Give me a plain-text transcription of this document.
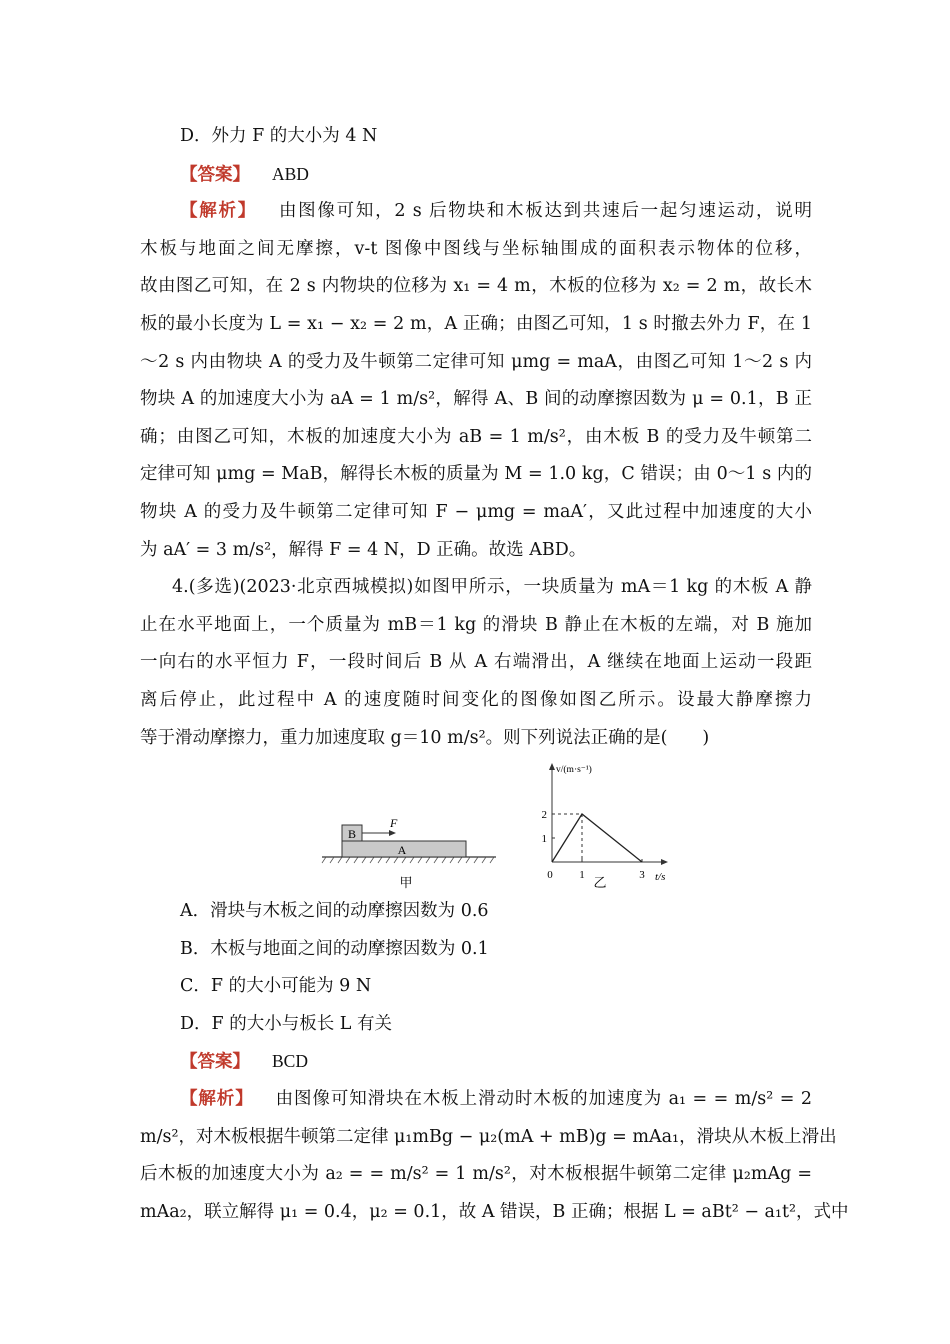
D．外力 F 的大小为 4 N
【答案】 ABD
【解析】 由图像可知，2 s 后物块和木板达到共速后一起匀速运动，说明
木板与地面之间无摩擦，v-t 图像中图线与坐标轴围成的面积表示物体的位移，
故由图乙可知，在 2 s 内物块的位移为 x₁ = 4 m，木板的位移为 x₂ = 2 m，故长木
板的最小长度为 L = x₁ − x₂ = 2 m，A 正确；由图乙可知，1 s 时撤去外力 F，在 1
～2 s 内由物块 A 的受力及牛顿第二定律可知 μmg = maA，由图乙可知 1～2 s 内
物块 A 的加速度大小为 aA = 1 m/s²，解得 A、B 间的动摩擦因数为 μ = 0.1，B 正
确；由图乙可知，木板的加速度大小为 aB = 1 m/s²，由木板 B 的受力及牛顿第二
定律可知 μmg = MaB，解得长木板的质量为 M = 1.0 kg，C 错误；由 0～1 s 内的
物块 A 的受力及牛顿第二定律可知 F − μmg = maA′，又此过程中加速度的大小
为 aA′ = 3 m/s²，解得 F = 4 N，D 正确。故选 ABD。
4.(多选)(2023·北京西城模拟)如图甲所示，一块质量为 mA＝1 kg 的木板 A 静
止在水平地面上，一个质量为 mB＝1 kg 的滑块 B 静止在木板的左端，对 B 施加
一向右的水平恒力 F，一段时间后 B 从 A 右端滑出，A 继续在地面上运动一段距
离后停止，此过程中 A 的速度随时间变化的图像如图乙所示。设最大静摩擦力
等于滑动摩擦力，重力加速度取 g＝10 m/s²。则下列说法正确的是(　　)
A
B
F
甲
v/(m·s⁻¹)
t/s
2
1
0 1	3
乙
A．滑块与木板之间的动摩擦因数为 0.6
B．木板与地面之间的动摩擦因数为 0.1
C．F 的大小可能为 9 N
D．F 的大小与板长 L 有关
【答案】 BCD
【解析】 由图像可知滑块在木板上滑动时木板的加速度为 a₁ = = m/s² = 2
m/s²，对木板根据牛顿第二定律 μ₁mBg − μ₂(mA + mB)g = mAa₁，滑块从木板上滑出
后木板的加速度大小为 a₂ = = m/s² = 1 m/s²，对木板根据牛顿第二定律 μ₂mAg =
mAa₂，联立解得 μ₁ = 0.4，μ₂ = 0.1，故 A 错误，B 正确；根据 L = aBt² − a₁t²，式中
